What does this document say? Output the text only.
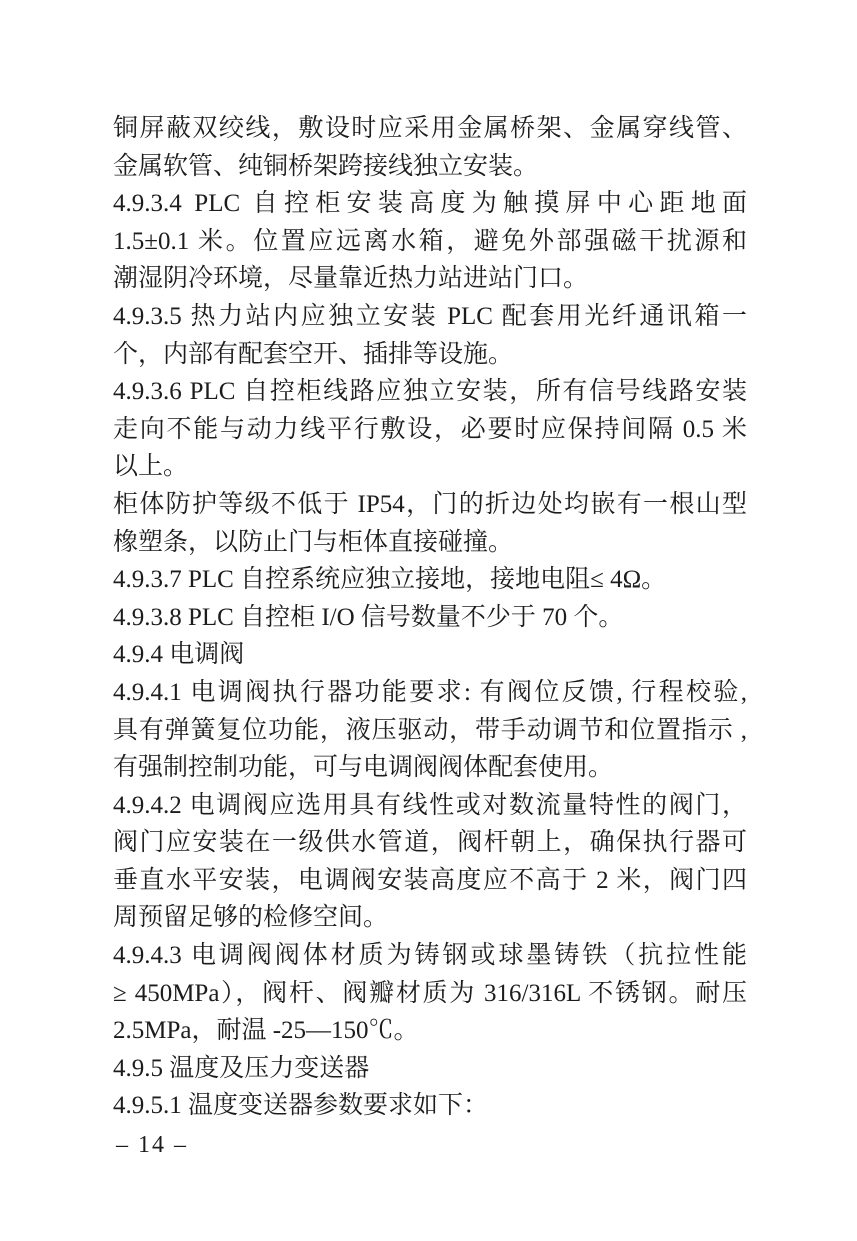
铜屏蔽双绞线，敷设时应采用金属桥架、金属穿线管、
金属软管、纯铜桥架跨接线独立安装。
4.9.3.4 PLC 自控柜安装高度为触摸屏中心距地面
1.5±0.1 米。位置应远离水箱，避免外部强磁干扰源和
潮湿阴冷环境，尽量靠近热力站进站门口。
4.9.3.5 热力站内应独立安装 PLC 配套用光纤通讯箱一
个，内部有配套空开、插排等设施。
4.9.3.6 PLC 自控柜线路应独立安装，所有信号线路安装
走向不能与动力线平行敷设，必要时应保持间隔 0.5 米
以上。
柜体防护等级不低于 IP54，门的折边处均嵌有一根山型
橡塑条，以防止门与柜体直接碰撞。
4.9.3.7 PLC 自控系统应独立接地，接地电阻≤ 4Ω。
4.9.3.8 PLC 自控柜 I/O 信号数量不少于 70 个。
4.9.4 电调阀
4.9.4.1 电调阀执行器功能要求: 有阀位反馈, 行程校验,
具有弹簧复位功能，液压驱动，带手动调节和位置指示 ,
有强制控制功能，可与电调阀阀体配套使用。
4.9.4.2 电调阀应选用具有线性或对数流量特性的阀门，
阀门应安装在一级供水管道，阀杆朝上，确保执行器可
垂直水平安装，电调阀安装高度应不高于 2 米，阀门四
周预留足够的检修空间。
4.9.4.3 电调阀阀体材质为铸钢或球墨铸铁（抗拉性能
≥ 450MPa），阀杆、阀瓣材质为 316/316L 不锈钢。耐压
2.5MPa，耐温 -25—150℃。
4.9.5 温度及压力变送器
4.9.5.1 温度变送器参数要求如下：
– 14 –
